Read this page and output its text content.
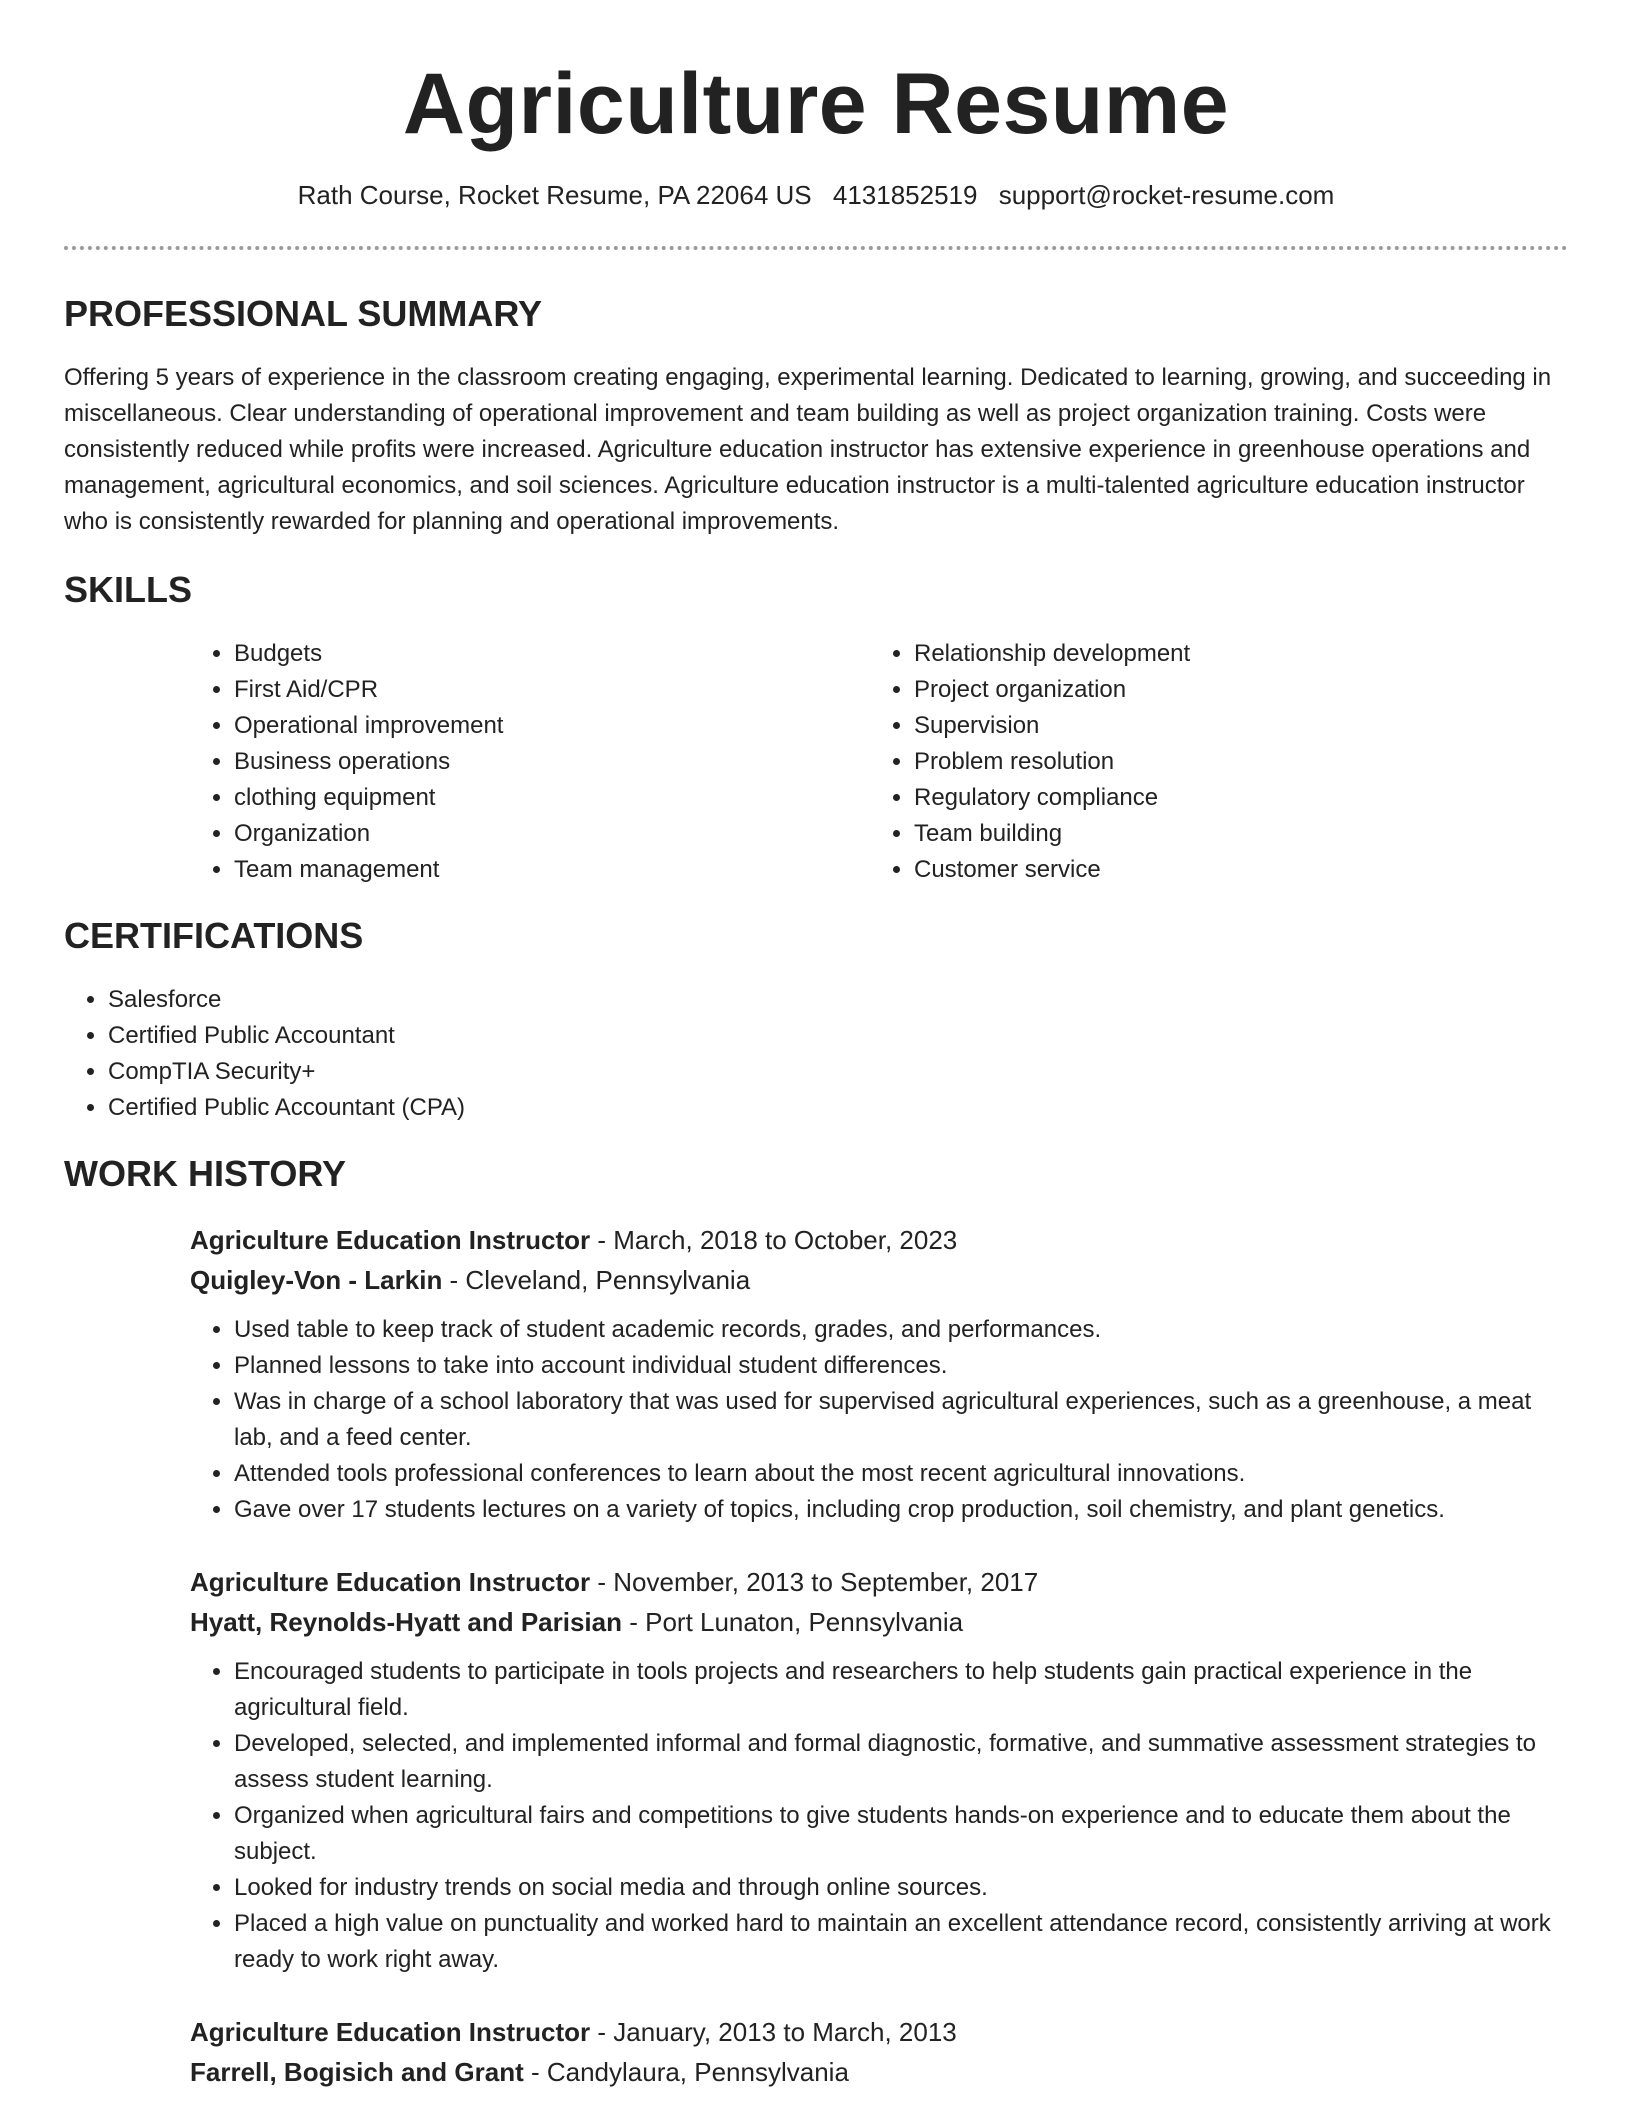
Agriculture Resume
Rath Course, Rocket Resume, PA 22064 US 4131852519 support@rocket-resume.com
PROFESSIONAL SUMMARY

Offering 5 years of experience in the classroom creating engaging, experimental learning. Dedicated to learning, growing, and succeeding in miscellaneous. Clear understanding of operational improvement and team building as well as project organization training. Costs were consistently reduced while profits were increased. Agriculture education instructor has extensive experience in greenhouse operations and management, agricultural economics, and soil sciences. Agriculture education instructor is a multi-talented agriculture education instructor who is consistently rewarded for planning and operational improvements.

SKILLS
• Budgets
• First Aid/CPR
• Operational improvement
• Business operations
• clothing equipment
• Organization
• Team management
• Relationship development
• Project organization
• Supervision
• Problem resolution
• Regulatory compliance
• Team building
• Customer service
CERTIFICATIONS
• Salesforce
• Certified Public Accountant
• CompTIA Security+
• Certified Public Accountant (CPA)
WORK HISTORY
Agriculture Education Instructor - March, 2018 to October, 2023
Quigley-Von - Larkin - Cleveland, Pennsylvania
• Used table to keep track of student academic records, grades, and performances.
• Planned lessons to take into account individual student differences.
• Was in charge of a school laboratory that was used for supervised agricultural experiences, such as a greenhouse, a meat lab, and a feed center.
• Attended tools professional conferences to learn about the most recent agricultural innovations.
• Gave over 17 students lectures on a variety of topics, including crop production, soil chemistry, and plant genetics.
Agriculture Education Instructor - November, 2013 to September, 2017
Hyatt, Reynolds-Hyatt and Parisian - Port Lunaton, Pennsylvania
• Encouraged students to participate in tools projects and researchers to help students gain practical experience in the agricultural field.
• Developed, selected, and implemented informal and formal diagnostic, formative, and summative assessment strategies to assess student learning.
• Organized when agricultural fairs and competitions to give students hands-on experience and to educate them about the subject.
• Looked for industry trends on social media and through online sources.
• Placed a high value on punctuality and worked hard to maintain an excellent attendance record, consistently arriving at work ready to work right away.
Agriculture Education Instructor - January, 2013 to March, 2013
Farrell, Bogisich and Grant - Candylaura, Pennsylvania
